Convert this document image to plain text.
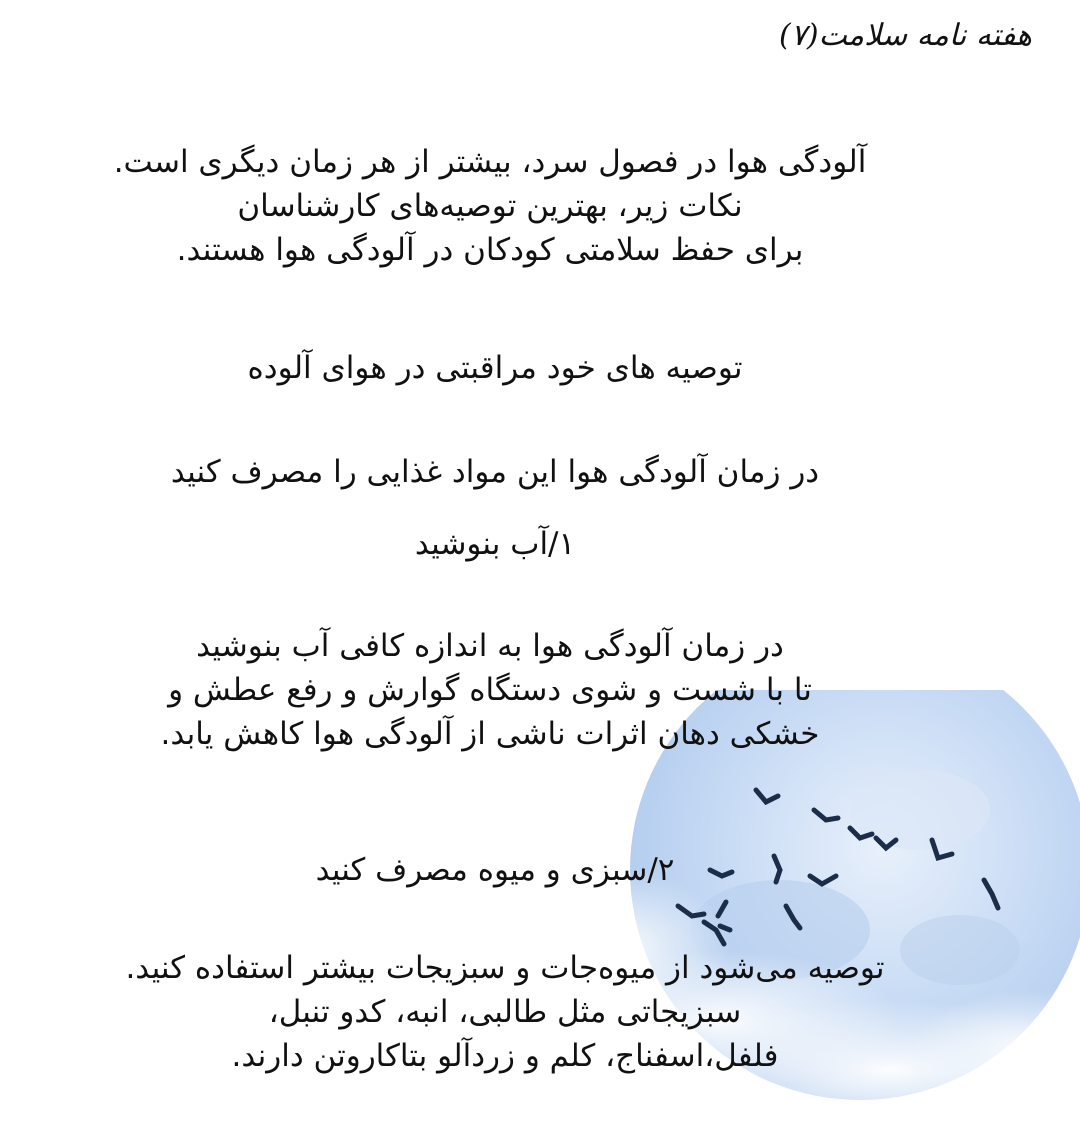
هفته نامه سلامت(۷)
آلودگی هوا در فصول سرد، بیشتر از هر زمان دیگری است.
نکات زیر، بهترین توصیه‌های کارشناسان
برای حفظ سلامتی کودکان در آلودگی هوا هستند.
توصیه های خود مراقبتی در هوای آلوده
در زمان آلودگی هوا این مواد غذایی را مصرف کنید
۱/آب بنوشید
در زمان آلودگی هوا به اندازه کافی آب بنوشید
تا با شست و شوی دستگاه گوارش و رفع عطش و
خشکی دهان اثرات ناشی از آلودگی هوا کاهش یابد.
۲/سبزی و میوه مصرف کنید
توصیه می‌شود از میوه‌جات و سبزیجات بیشتر استفاده کنید.
سبزیجاتی مثل طالبی، انبه، کدو تنبل،
فلفل،اسفناج، کلم و زردآلو بتاکاروتن دارند.
